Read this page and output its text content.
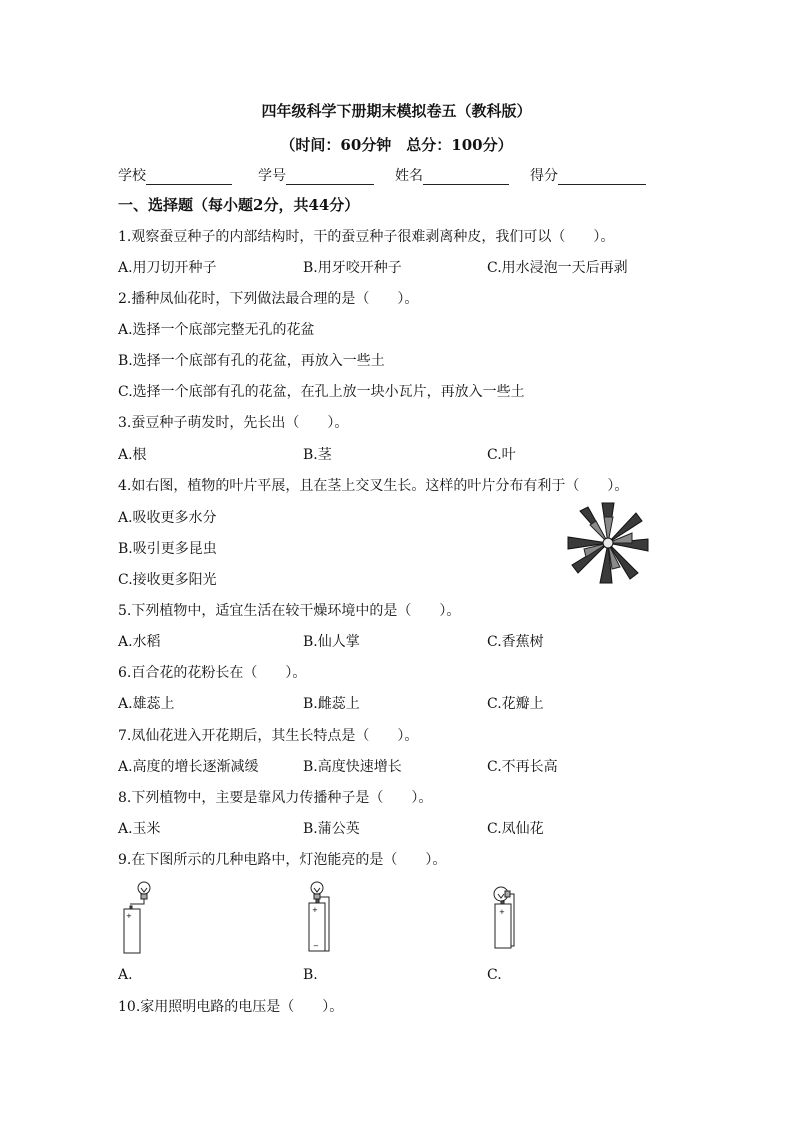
四年级科学下册期末模拟卷五（教科版）
（时间：60分钟　总分：100分）
学校	学号	姓名	得分
一、选择题（每小题2分，共44分）
1.观察蚕豆种子的内部结构时，干的蚕豆种子很难剥离种皮，我们可以（　　）。
A.用刀切开种子	B.用牙咬开种子	C.用水浸泡一天后再剥
2.播种凤仙花时，下列做法最合理的是（　　）。
A.选择一个底部完整无孔的花盆
B.选择一个底部有孔的花盆，再放入一些土
C.选择一个底部有孔的花盆，在孔上放一块小瓦片，再放入一些土
3.蚕豆种子萌发时，先长出（　　）。
A.根	B.茎	C.叶
4.如右图，植物的叶片平展，且在茎上交叉生长。这样的叶片分布有利于（　　）。
A.吸收更多水分
B.吸引更多昆虫
C.接收更多阳光
5.下列植物中，适宜生活在较干燥环境中的是（　　）。
A.水稻	B.仙人掌	C.香蕉树
6.百合花的花粉长在（　　）。
A.雄蕊上	B.雌蕊上	C.花瓣上
7.凤仙花进入开花期后，其生长特点是（　　）。
A.高度的增长逐渐减缓	B.高度快速增长	C.不再长高
8.下列植物中，主要是靠风力传播种子是（　　）。
A.玉米	B.蒲公英	C.凤仙花
9.在下图所示的几种电路中，灯泡能亮的是（　　）。
+
+
−
+
A.	B.	C.
10.家用照明电路的电压是（　　）。
